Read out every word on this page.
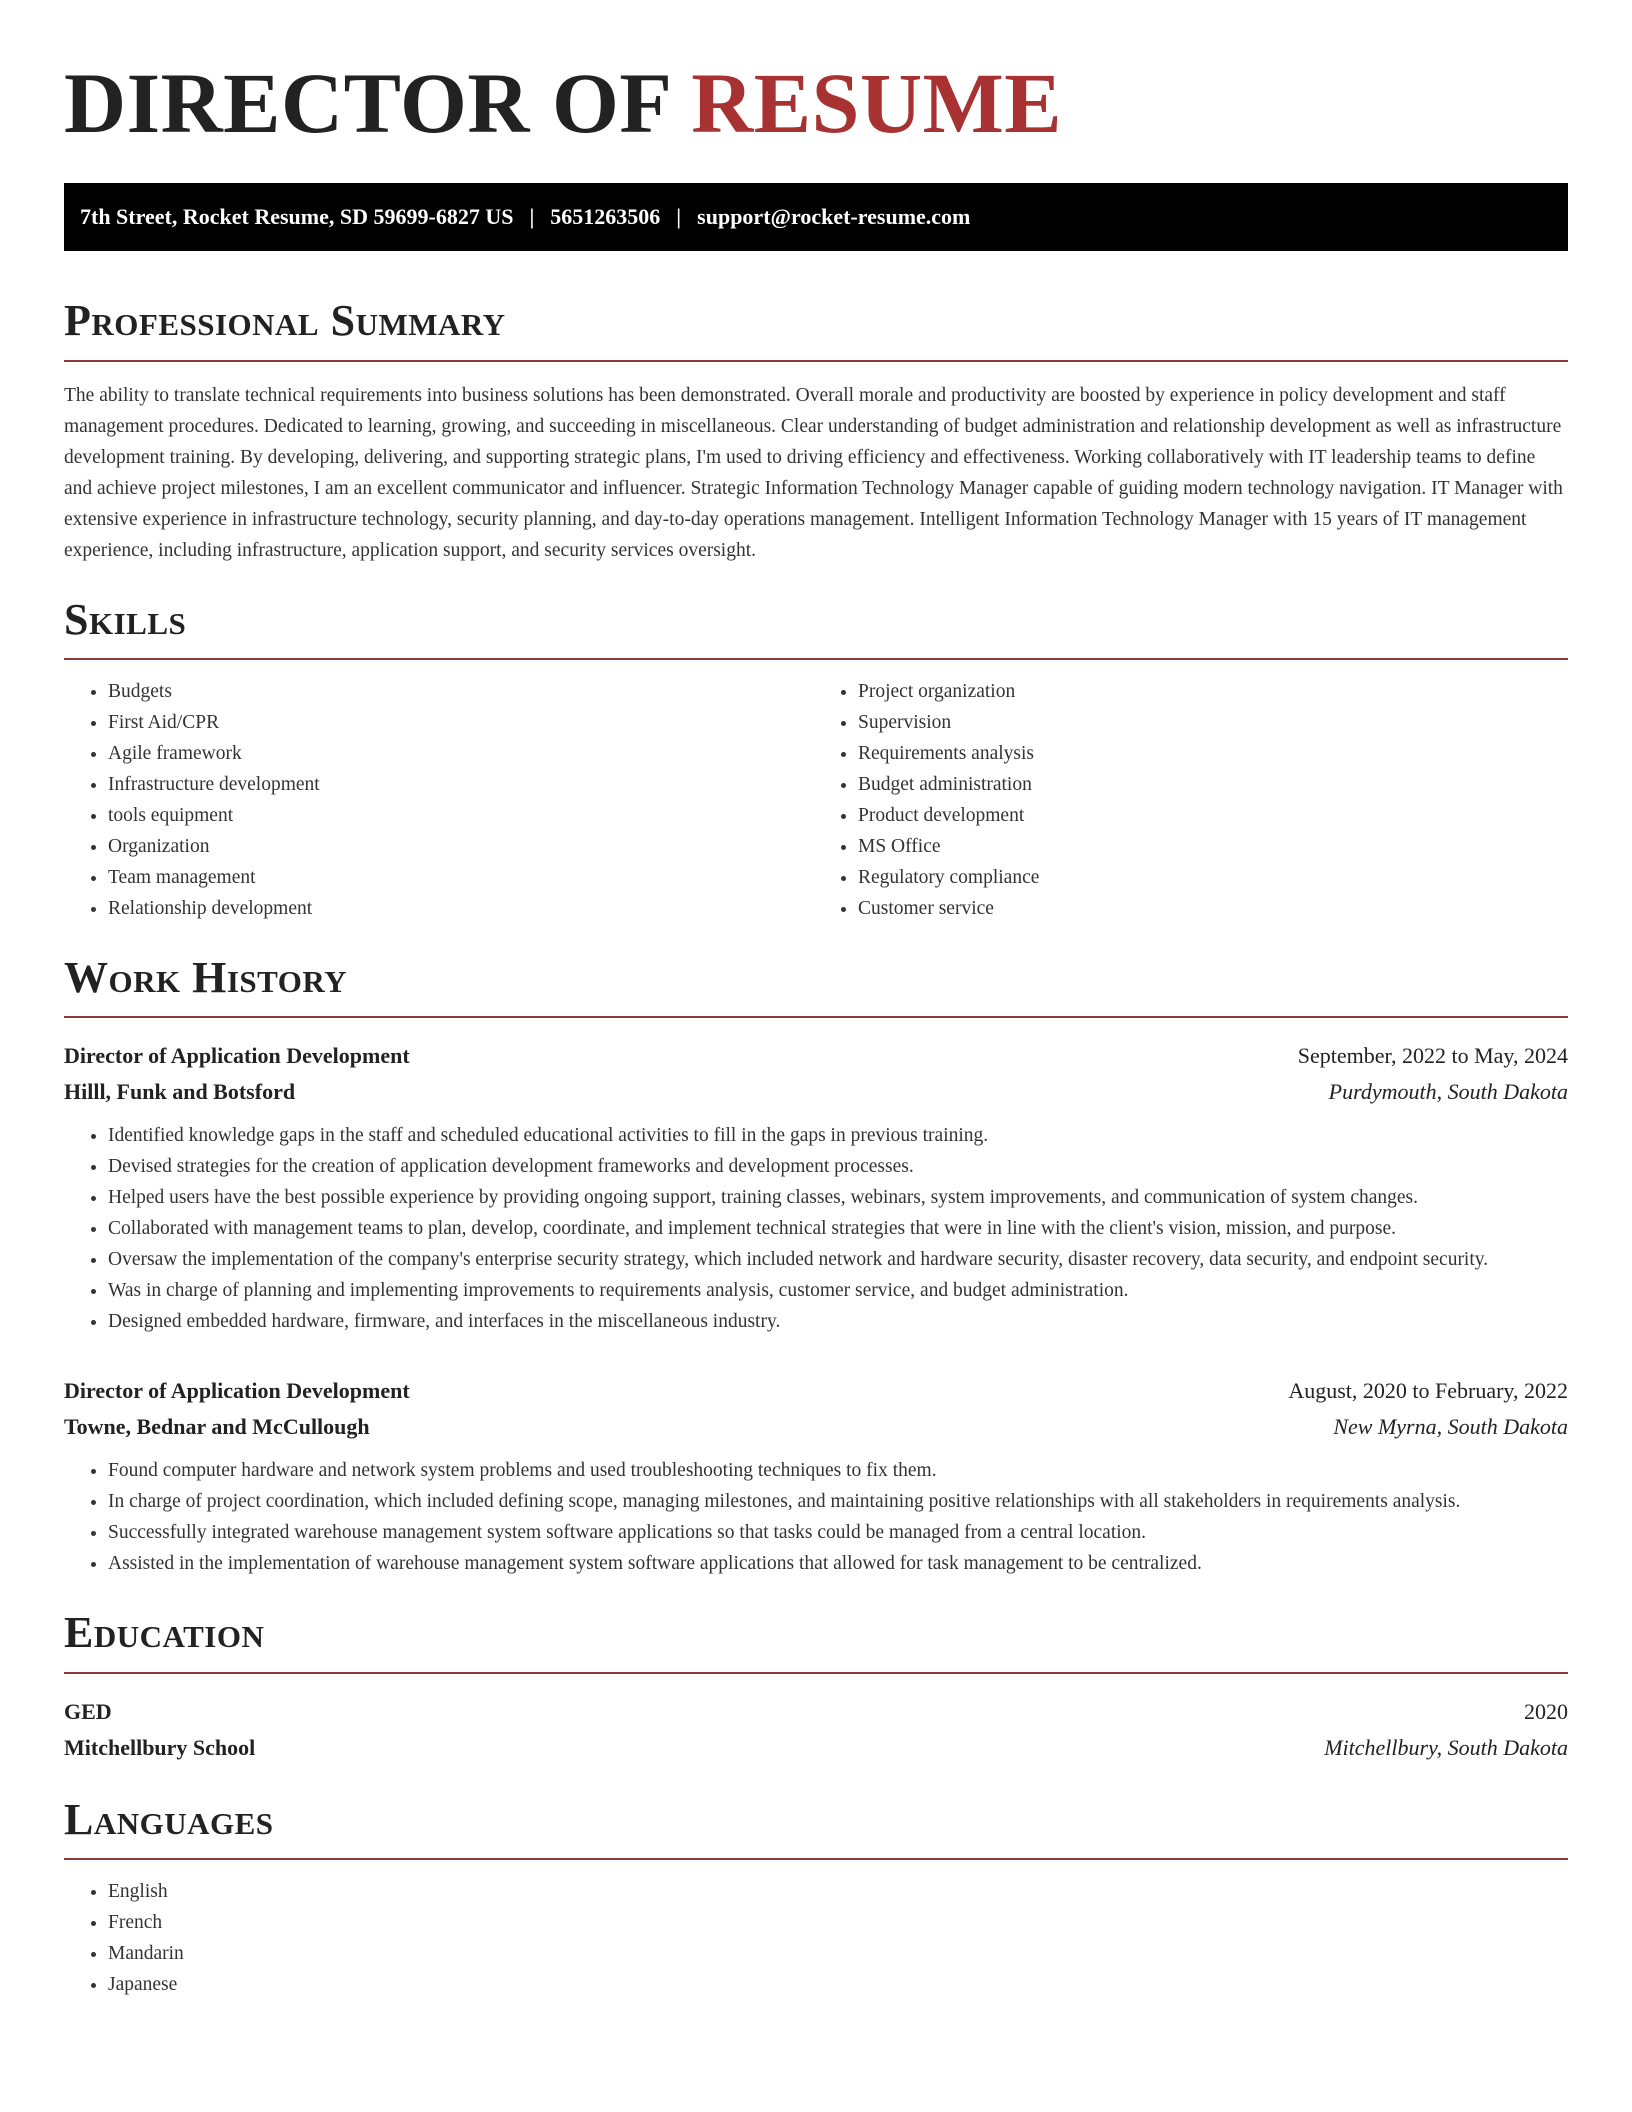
DIRECTOR OF RESUME
7th Street, Rocket Resume, SD 59699-6827 US | 5651263506 | support@rocket-resume.com
Professional Summary

The ability to translate technical requirements into business solutions has been demonstrated. Overall morale and productivity are boosted by experience in policy development and staff management procedures. Dedicated to learning, growing, and succeeding in miscellaneous. Clear understanding of budget administration and relationship development as well as infrastructure development training. By developing, delivering, and supporting strategic plans, I'm used to driving efficiency and effectiveness. Working collaboratively with IT leadership teams to define and achieve project milestones, I am an excellent communicator and influencer. Strategic Information Technology Manager capable of guiding modern technology navigation. IT Manager with extensive experience in infrastructure technology, security planning, and day-to-day operations management. Intelligent Information Technology Manager with 15 years of IT management experience, including infrastructure, application support, and security services oversight.

Skills
• Budgets
• First Aid/CPR
• Agile framework
• Infrastructure development
• tools equipment
• Organization
• Team management
• Relationship development
• Project organization
• Supervision
• Requirements analysis
• Budget administration
• Product development
• MS Office
• Regulatory compliance
• Customer service
Work History
Director of Application Development	September, 2022 to May, 2024
Hilll, Funk and Botsford	Purdymouth, South Dakota
• Identified knowledge gaps in the staff and scheduled educational activities to fill in the gaps in previous training.
• Devised strategies for the creation of application development frameworks and development processes.
• Helped users have the best possible experience by providing ongoing support, training classes, webinars, system improvements, and communication of system changes.
• Collaborated with management teams to plan, develop, coordinate, and implement technical strategies that were in line with the client's vision, mission, and purpose.
• Oversaw the implementation of the company's enterprise security strategy, which included network and hardware security, disaster recovery, data security, and endpoint security.
• Was in charge of planning and implementing improvements to requirements analysis, customer service, and budget administration.
• Designed embedded hardware, firmware, and interfaces in the miscellaneous industry.
Director of Application Development	August, 2020 to February, 2022
Towne, Bednar and McCullough	New Myrna, South Dakota
• Found computer hardware and network system problems and used troubleshooting techniques to fix them.
• In charge of project coordination, which included defining scope, managing milestones, and maintaining positive relationships with all stakeholders in requirements analysis.
• Successfully integrated warehouse management system software applications so that tasks could be managed from a central location.
• Assisted in the implementation of warehouse management system software applications that allowed for task management to be centralized.
Education
GED	2020
Mitchellbury School	Mitchellbury, South Dakota
Languages
• English
• French
• Mandarin
• Japanese
